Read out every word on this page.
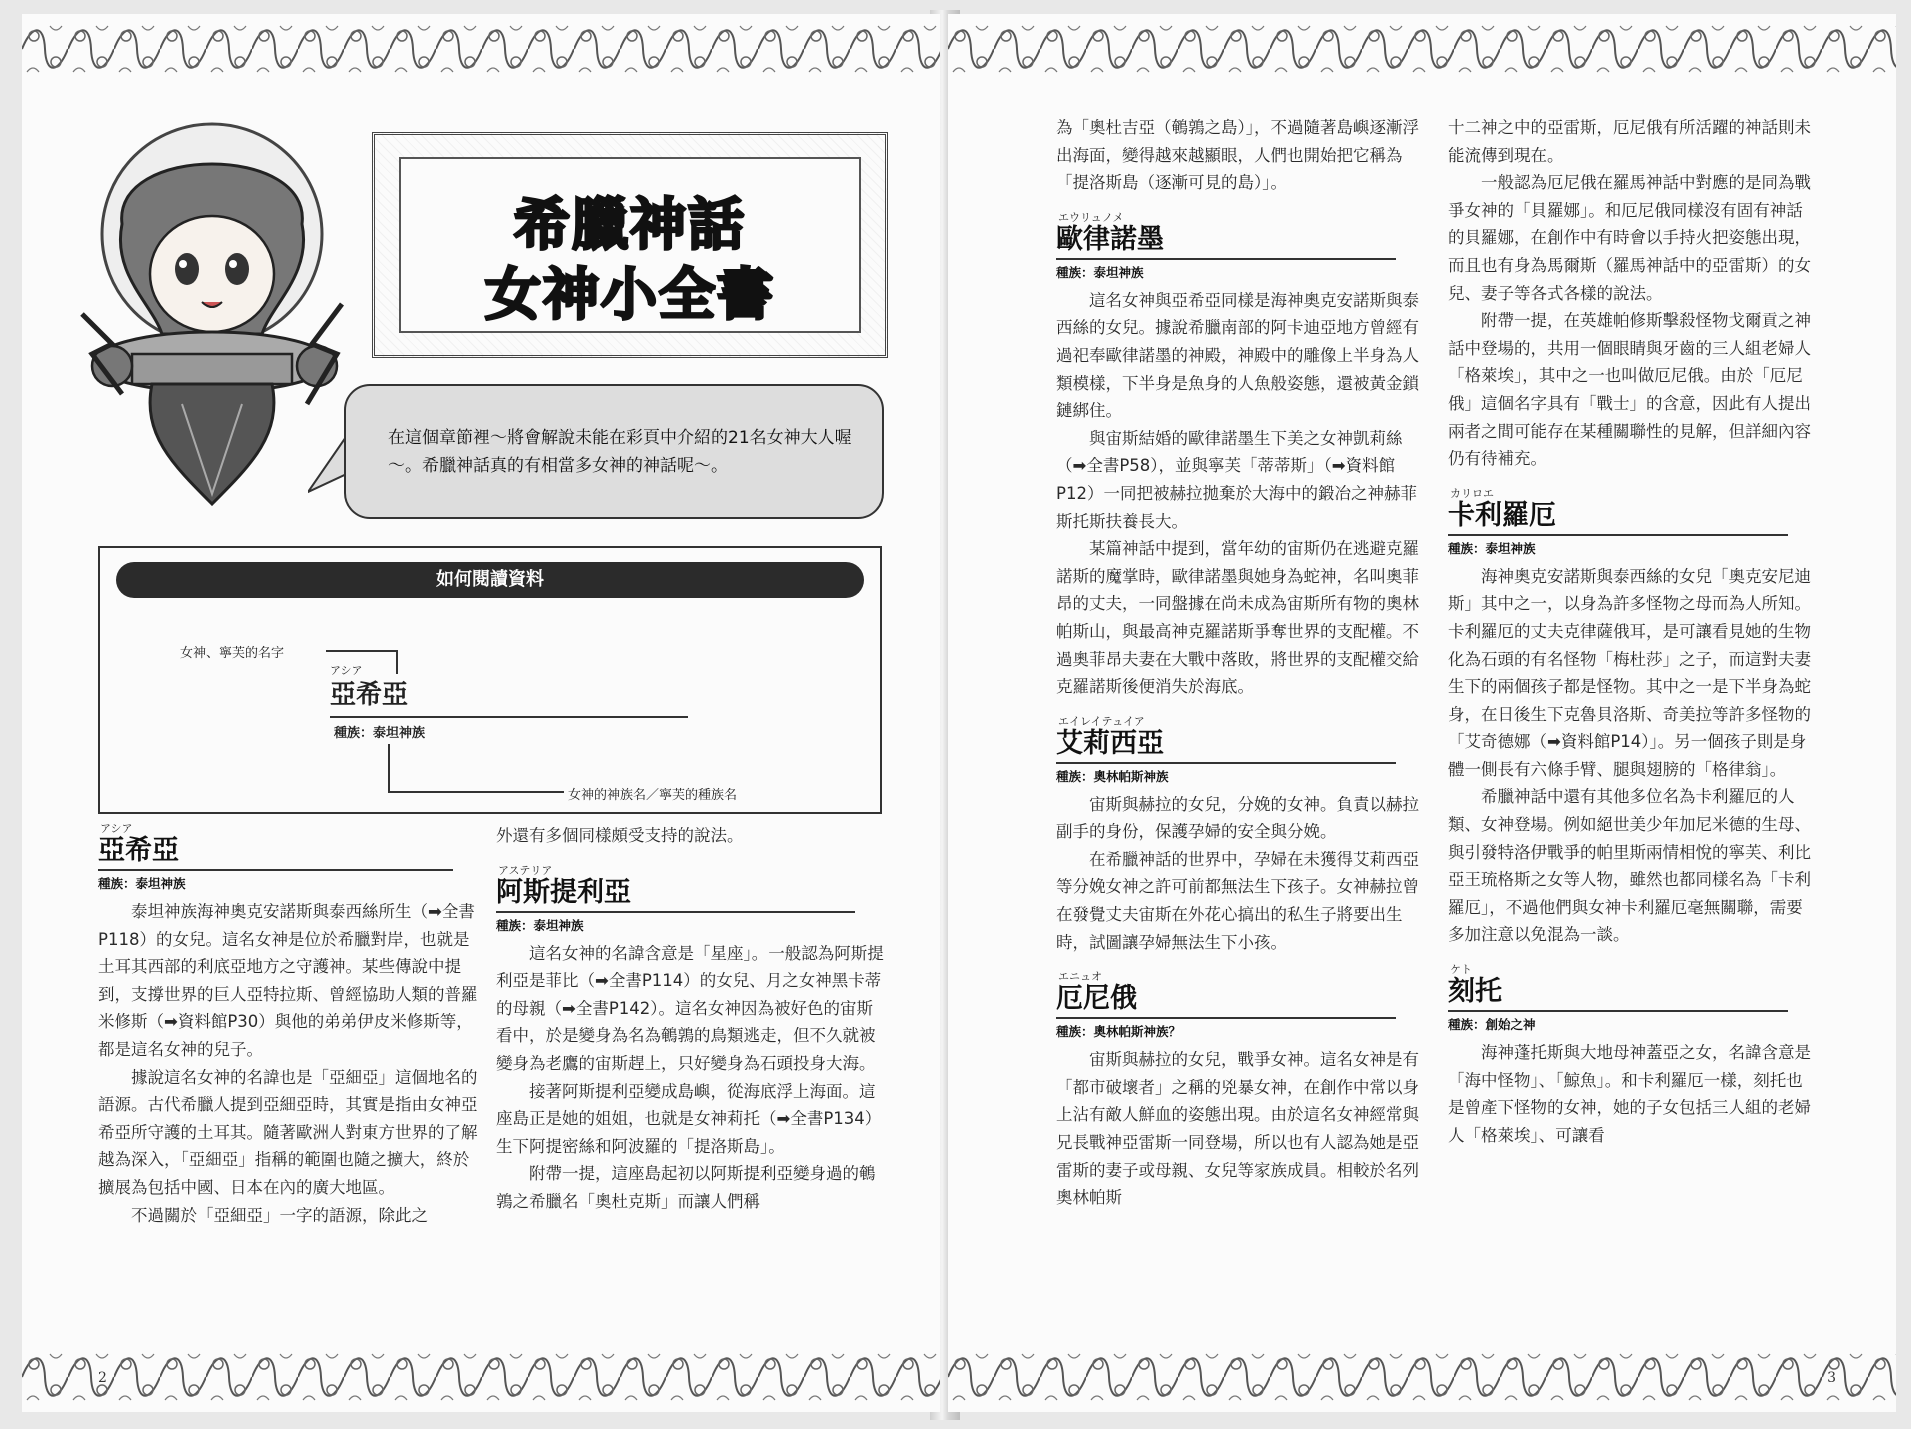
希臘神話
女神小全書
在這個章節裡～將會解說未能在彩頁中介紹的21名女神大人喔～。希臘神話真的有相當多女神的神話呢～。
如何閱讀資料
女神、寧芙的名字
アシア
亞希亞
種族：泰坦神族
女神的神族名／寧芙的種族名
アシア
亞希亞
種族：泰坦神族

泰坦神族海神奧克安諾斯與泰西絲所生（➡全書P118）的女兒。這名女神是位於希臘對岸，也就是土耳其西部的利底亞地方之守護神。某些傳說中提到，支撐世界的巨人亞特拉斯、曾經協助人類的普羅米修斯（➡資料館P30）與他的弟弟伊皮米修斯等，都是這名女神的兒子。

據說這名女神的名諱也是「亞細亞」這個地名的語源。古代希臘人提到亞細亞時，其實是指由女神亞希亞所守護的土耳其。隨著歐洲人對東方世界的了解越為深入，「亞細亞」指稱的範圍也隨之擴大，終於擴展為包括中國、日本在內的廣大地區。

不過關於「亞細亞」一字的語源，除此之

外還有多個同樣頗受支持的說法。

アステリア
阿斯提利亞
種族：泰坦神族

這名女神的名諱含意是「星座」。一般認為阿斯提利亞是菲比（➡全書P114）的女兒、月之女神黑卡蒂的母親（➡全書P142）。這名女神因為被好色的宙斯看中，於是變身為名為鵪鶉的鳥類逃走，但不久就被變身為老鷹的宙斯趕上，只好變身為石頭投身大海。

接著阿斯提利亞變成島嶼，從海底浮上海面。這座島正是她的姐姐，也就是女神莉托（➡全書P134）生下阿提密絲和阿波羅的「提洛斯島」。

附帶一提，這座島起初以阿斯提利亞變身過的鵪鶉之希臘名「奧杜克斯」而讓人們稱

2

為「奧杜吉亞（鵪鶉之島）」，不過隨著島嶼逐漸浮出海面，變得越來越顯眼，人們也開始把它稱為「提洛斯島（逐漸可見的島）」。

エウリュノメ
歐律諾墨
種族：泰坦神族

這名女神與亞希亞同樣是海神奧克安諾斯與泰西絲的女兒。據說希臘南部的阿卡迪亞地方曾經有過祀奉歐律諾墨的神殿，神殿中的雕像上半身為人類模樣，下半身是魚身的人魚般姿態，還被黃金鎖鏈綁住。

與宙斯結婚的歐律諾墨生下美之女神凱莉絲（➡全書P58），並與寧芙「蒂蒂斯」（➡資料館P12）一同把被赫拉拋棄於大海中的鍛冶之神赫菲斯托斯扶養長大。

某篇神話中提到，當年幼的宙斯仍在逃避克羅諾斯的魔掌時，歐律諾墨與她身為蛇神，名叫奧菲昂的丈夫，一同盤據在尚未成為宙斯所有物的奧林帕斯山，與最高神克羅諾斯爭奪世界的支配權。不過奧菲昂夫妻在大戰中落敗，將世界的支配權交給克羅諾斯後便消失於海底。

エイレイテュイア
艾莉西亞
種族：奧林帕斯神族

宙斯與赫拉的女兒，分娩的女神。負責以赫拉副手的身份，保護孕婦的安全與分娩。

在希臘神話的世界中，孕婦在未獲得艾莉西亞等分娩女神之許可前都無法生下孩子。女神赫拉曾在發覺丈夫宙斯在外花心搞出的私生子將要出生時，試圖讓孕婦無法生下小孩。

エニュオ
厄尼俄
種族：奧林帕斯神族？

宙斯與赫拉的女兒，戰爭女神。這名女神是有「都市破壞者」之稱的兇暴女神，在創作中常以身上沾有敵人鮮血的姿態出現。由於這名女神經常與兄長戰神亞雷斯一同登場，所以也有人認為她是亞雷斯的妻子或母親、女兒等家族成員。相較於名列奧林帕斯

十二神之中的亞雷斯，厄尼俄有所活躍的神話則未能流傳到現在。

一般認為厄尼俄在羅馬神話中對應的是同為戰爭女神的「貝羅娜」。和厄尼俄同樣沒有固有神話的貝羅娜，在創作中有時會以手持火把姿態出現，而且也有身為馬爾斯（羅馬神話中的亞雷斯）的女兒、妻子等各式各樣的說法。

附帶一提，在英雄帕修斯擊殺怪物戈爾貢之神話中登場的，共用一個眼睛與牙齒的三人組老婦人「格萊埃」，其中之一也叫做厄尼俄。由於「厄尼俄」這個名字具有「戰士」的含意，因此有人提出兩者之間可能存在某種關聯性的見解，但詳細內容仍有待補充。

カリロエ
卡利羅厄
種族：泰坦神族

海神奧克安諾斯與泰西絲的女兒「奧克安尼迪斯」其中之一，以身為許多怪物之母而為人所知。卡利羅厄的丈夫克律薩俄耳，是可讓看見她的生物化為石頭的有名怪物「梅杜莎」之子，而這對夫妻生下的兩個孩子都是怪物。其中之一是下半身為蛇身，在日後生下克魯貝洛斯、奇美拉等許多怪物的「艾奇德娜（➡資料館P14）」。另一個孩子則是身體一側長有六條手臂、腿與翅膀的「格律翁」。

希臘神話中還有其他多位名為卡利羅厄的人類、女神登場。例如絕世美少年加尼米德的生母、與引發特洛伊戰爭的帕里斯兩情相悅的寧芙、利比亞王琉格斯之女等人物，雖然也都同樣名為「卡利羅厄」，不過他們與女神卡利羅厄毫無關聯，需要多加注意以免混為一談。

ケト
刻托
種族：創始之神

海神蓬托斯與大地母神蓋亞之女，名諱含意是「海中怪物」、「鯨魚」。和卡利羅厄一樣，刻托也是曾產下怪物的女神，她的子女包括三人組的老婦人「格萊埃」、可讓看

3
